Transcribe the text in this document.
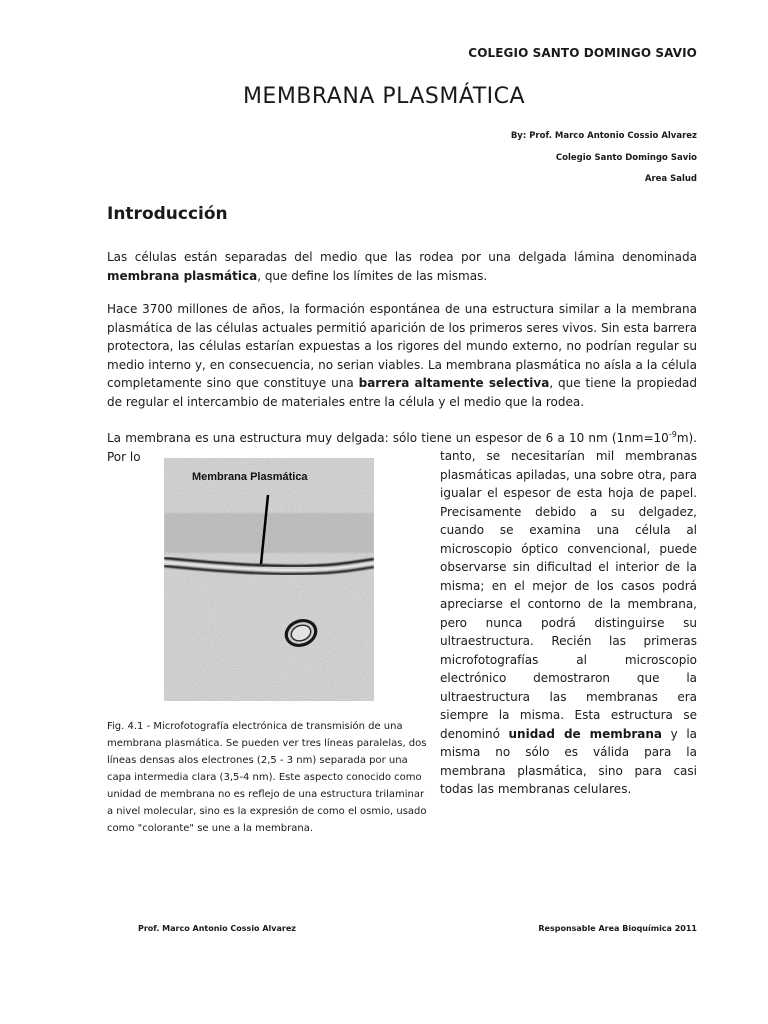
COLEGIO SANTO DOMINGO SAVIO
MEMBRANA PLASMÁTICA
By: Prof. Marco Antonio Cossio Alvarez
Colegio Santo Domingo Savio
Area Salud
Introducción
Las células están separadas del medio que las rodea por una delgada lámina denominada membrana plasmática, que define los límites de las mismas.
Hace 3700 millones de años, la formación espontánea de una estructura similar a la membrana plasmática de las células actuales permitió aparición de los primeros seres vivos. Sin esta barrera protectora, las células estarían expuestas a los rigores del mundo externo, no podrían regular su medio interno y, en consecuencia, no serian viables. La membrana plasmática no aísla a la célula completamente sino que constituye una barrera altamente selectiva, que tiene la propiedad de regular el intercambio de materiales entre la célula y el medio que la rodea.
La membrana es una estructura muy delgada: sólo tiene un espesor de 6 a 10 nm $(1nm=10^{-9}m)$. Por lo	tanto, se necesitarían mil membranas plasmáticas apiladas, una sobre otra, para igualar el espesor de esta hoja de papel. Precisamente debido a su delgadez, cuando se examina una célula al microscopio óptico convencional, puede observarse sin dificultad el interior de la misma; en el mejor de los casos podrá apreciarse el contorno de la membrana, pero nunca podrá distinguirse su ultraestructura. Recién las primeras microfotografías al microscopio electrónico demostraron que la ultraestructura las membranas era siempre la misma. Esta estructura se denominó unidad de membrana y la misma no sólo es válida para la membrana plasmática, sino para casi todas las membranas celulares.
Membrana Plasmática
Fig. 4.1 - Microfotografía electrónica de transmisión de una membrana plasmática. Se pueden ver tres líneas paralelas, dos líneas densas alos electrones (2,5 - 3 nm) separada por una capa intermedia clara (3,5-4 nm). Este aspecto conocido como unidad de membrana no es reflejo de una estructura trilaminar a nivel molecular, sino es la expresión de como el osmio, usado como "colorante" se une a la membrana.
Prof. Marco Antonio Cossio Alvarez	Responsable Area Bioquímica 2011
